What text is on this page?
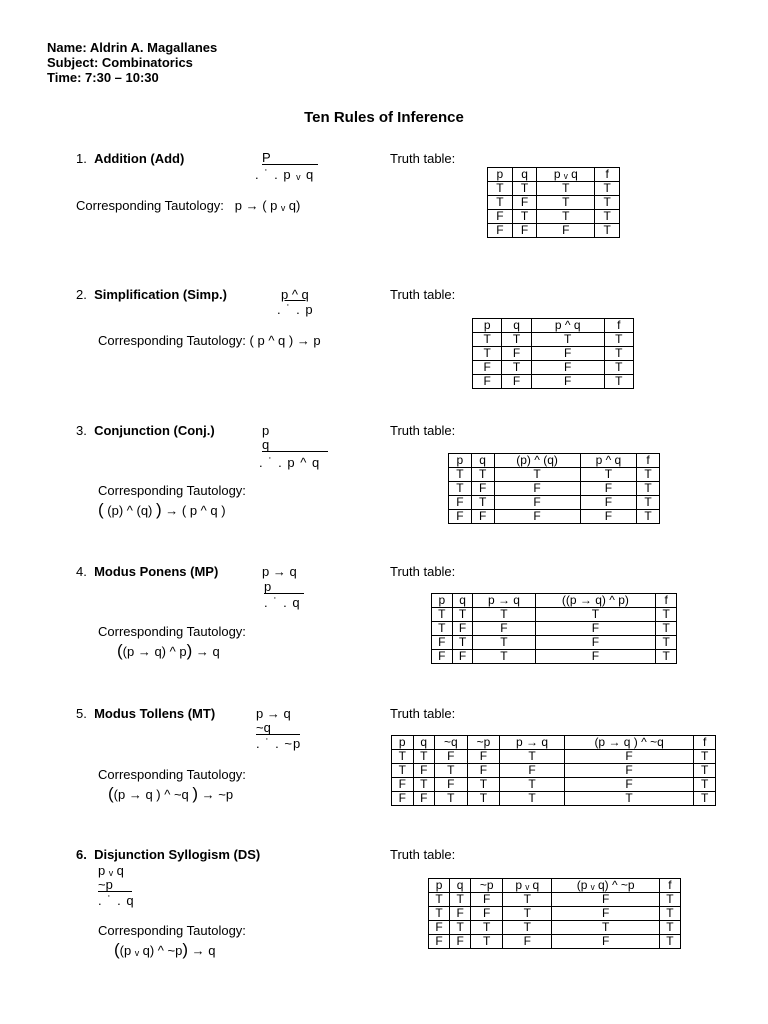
Name: Aldrin A. Magallanes
Subject: Combinatorics
Time: 7:30 – 10:30
Ten Rules of Inference
1. Addition (Add)	P
. ˙ . p ᵥ q
Truth table:
Corresponding Tautology: p → ( p ᵥ q)
p	q	p ᵥ q	f
T	T	T	T
T	F	T	T
F	T	T	T
F	F	F	T
2. Simplification (Simp.)	p ^ q
. ˙ . p
Truth table:
Corresponding Tautology: ( p ^ q ) → p
p	q	p ^ q	f
T	T	T	T
T	F	F	T
F	T	F	T
F	F	F	T
3. Conjunction (Conj.)	p
q
. ˙ . p ^ q
Truth table:
Corresponding Tautology:
( (p) ^ (q) ) → ( p ^ q )
p	q	(p) ^ (q)	p ^ q	f
T	T	T	T	T
T	F	F	F	T
F	T	F	F	T
F	F	F	F	T
4. Modus Ponens (MP)	p → q
p
. ˙ . q
Truth table:
Corresponding Tautology:
((p → q) ^ p) → q
p	q	p → q	((p → q) ^ p)	f
T	T	T	T	T
T	F	F	F	T
F	T	T	F	T
F	F	T	F	T
5. Modus Tollens (MT)	p → q
~q
. ˙ . ~p
Truth table:
Corresponding Tautology:
((p → q ) ^ ~q ) → ~p
p	q	~q	~p	p → q	(p → q ) ^ ~q	f
T	T	F	F	T	F	T
T	F	T	F	F	F	T
F	T	F	T	T	F	T
F	F	T	T	T	T	T
6. Disjunction Syllogism (DS)
p ᵥ q
~p
. ˙ . q
Truth table:
Corresponding Tautology:
((p ᵥ q) ^ ~p) → q
p	q	~p	p ᵥ q	(p ᵥ q) ^ ~p	f
T	T	F	T	F	T
T	F	F	T	F	T
F	T	T	T	T	T
F	F	T	F	F	T
